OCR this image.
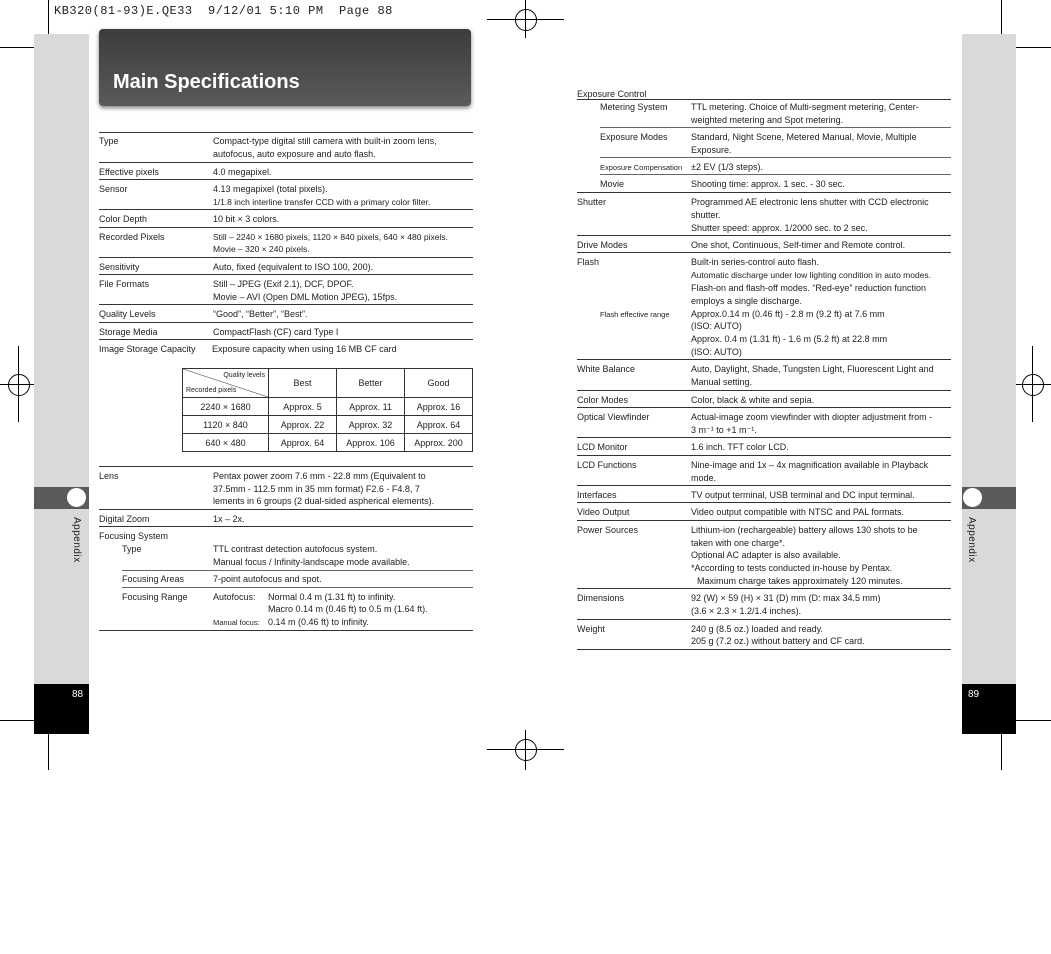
KB320(81-93)E.QE33  9/12/01 5:10 PM  Page 88
Appendix
88
Appendix
89
Main Specifications
Type	Compact-type digital still camera with built-in zoom lens,
autofocus, auto exposure and auto flash.
Effective pixels	4.0 megapixel.
Sensor	4.13 megapixel (total pixels).
1/1.8 inch interline transfer CCD with a primary color filter.
Color Depth	10 bit × 3 colors.
Recorded Pixels	Still – 2240 × 1680 pixels, 1120 × 840 pixels, 640 × 480 pixels.
Movie – 320 × 240 pixels.
Sensitivity	Auto, fixed (equivalent to ISO 100, 200).
File Formats	Still – JPEG (Exif 2.1), DCF, DPOF.
Movie – AVI (Open DML Motion JPEG), 15fps.
Quality Levels	“Good”, “Better”, “Best”.
Storage Media	CompactFlash (CF) card Type I
Image Storage Capacity Exposure capacity when using 16 MB CF card
Quality levels
Recorded pixels	Best	Better	Good
2240 × 1680	Approx. 5	Approx. 11	Approx. 16
1120 × 840	Approx. 22	Approx. 32	Approx. 64
640 × 480	Approx. 64	Approx. 106	Approx. 200
Lens	Pentax power zoom 7.6 mm - 22.8 mm (Equivalent to
37.5mm - 112.5 mm in 35 mm format) F2.6 - F4.8, 7
lements in 6 groups (2 dual-sided aspherical elements).
Digital Zoom	1x – 2x.
Focusing System
Type	TTL contrast detection autofocus system.
Manual focus / Infinity-landscape mode available.
Focusing Areas	7-point autofocus and spot.
Focusing Range	Autofocus: Normal 0.4 m (1.31 ft) to infinity.
Macro 0.14 m (0.46 ft) to 0.5 m (1.64 ft).
Manual focus: 0.14 m (0.46 ft) to infinity.
Exposure Control
Metering System	TTL metering. Choice of Multi-segment metering, Center-
weighted metering and Spot metering.
Exposure Modes	Standard, Night Scene, Metered Manual, Movie, Multiple
Exposure.
Exposure Compensation ±2 EV (1/3 steps).
Movie	Shooting time: approx. 1 sec. - 30 sec.
Shutter	Programmed AE electronic lens shutter with CCD electronic
shutter.
Shutter speed: approx. 1/2000 sec. to 2 sec.
Drive Modes	One shot, Continuous, Self-timer and Remote control.
Flash	Built-in series-control auto flash.
Automatic discharge under low lighting condition in auto modes.
Flash-on and flash-off modes. “Red-eye” reduction function
employs a single discharge.
Flash effective range Approx.0.14 m (0.46 ft) - 2.8 m (9.2 ft) at 7.6 mm
(ISO: AUTO)
Approx. 0.4 m (1.31 ft) - 1.6 m (5.2 ft) at 22.8 mm
(ISO: AUTO)
White Balance	Auto, Daylight, Shade, Tungsten Light, Fluorescent Light and
Manual setting.
Color Modes	Color, black & white and sepia.
Optical Viewfinder	Actual-image zoom viewfinder with diopter adjustment from -
3 m⁻¹ to +1 m⁻¹.
LCD Monitor	1.6 inch. TFT color LCD.
LCD Functions	Nine-image and 1x – 4x magnification available in Playback
mode.
Interfaces	TV output terminal, USB terminal and DC input terminal.
Video Output	Video output compatible with NTSC and PAL formats.
Power Sources	Lithium-ion (rechargeable) battery allows 130 shots to be
taken with one charge*.
Optional AC adapter is also available.
*According to tests conducted in-house by Pentax.
Maximum charge takes approximately 120 minutes.
Dimensions	92 (W) × 59 (H) × 31 (D) mm (D: max 34.5 mm)
(3.6 × 2.3 × 1.2/1.4 inches).
Weight	240 g (8.5 oz.) loaded and ready.
205 g (7.2 oz.) without battery and CF card.
